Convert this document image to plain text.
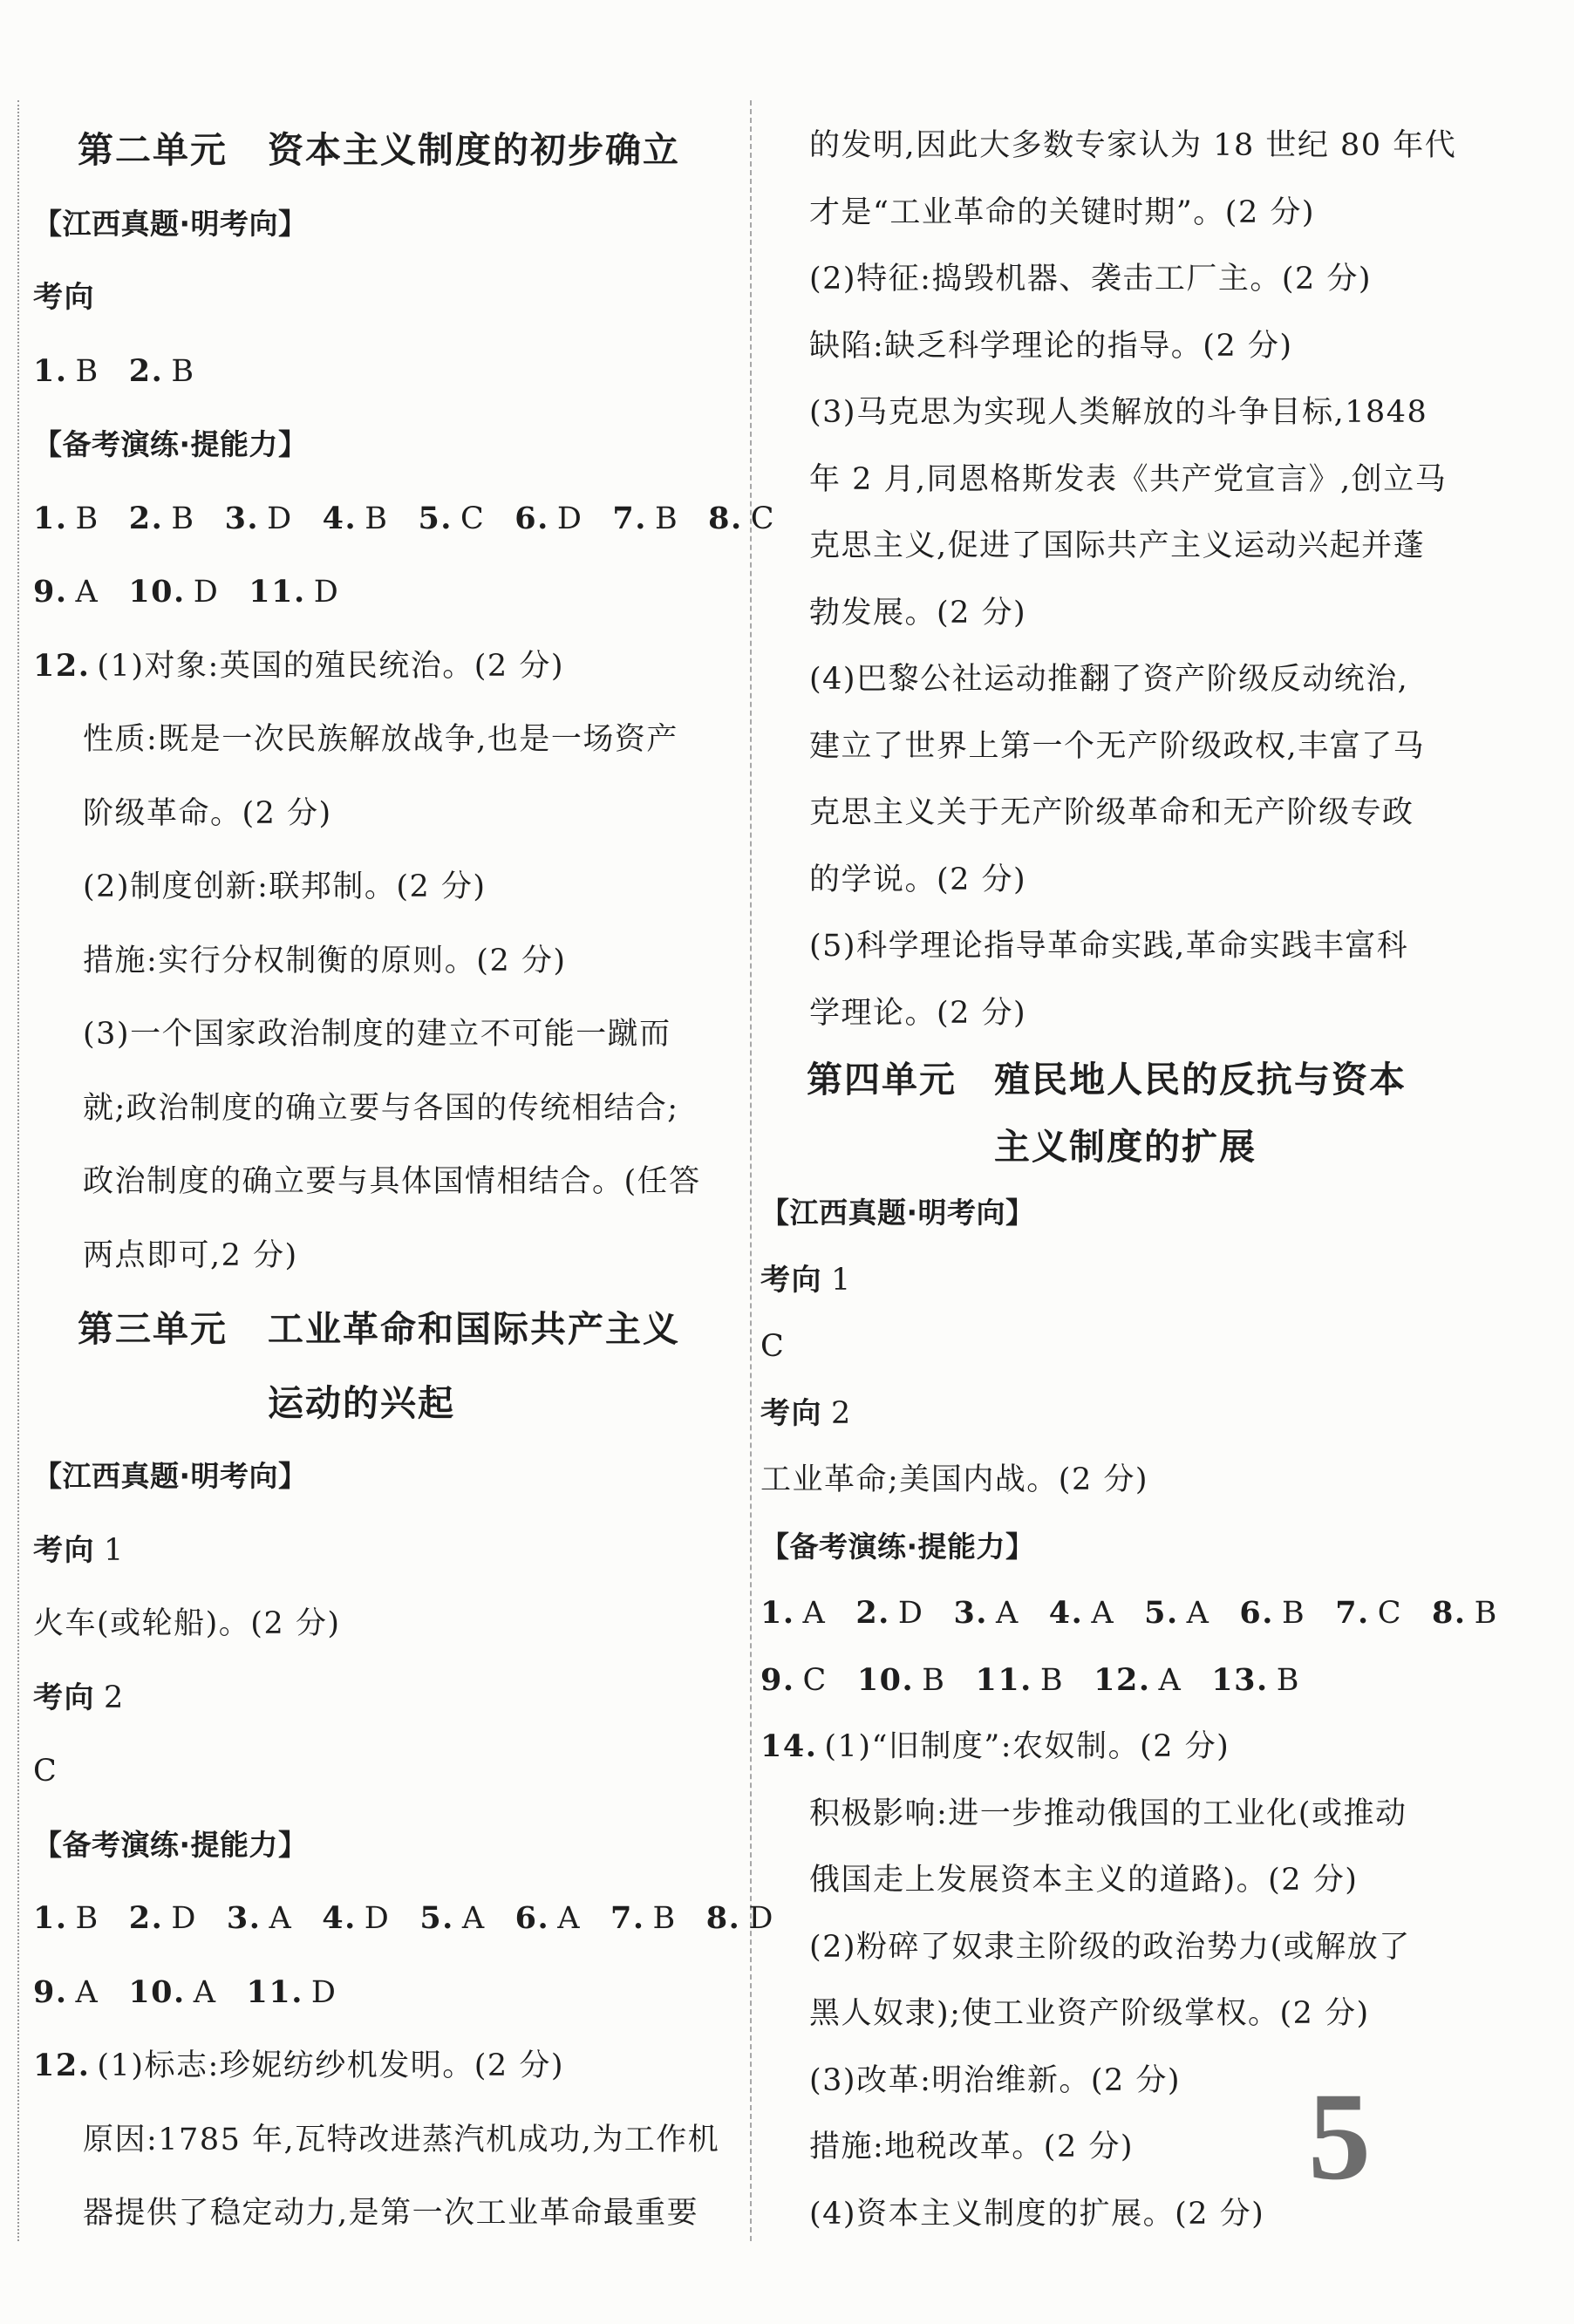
第二单元 资本主义制度的初步确立
【江西真题·明考向】
考向
1. B 2. B
【备考演练·提能力】
1. B 2. B 3. D 4. B 5. C 6. D 7. B 8. C
9. A 10. D 11. D
12. (1)对象:英国的殖民统治。(2 分)
性质:既是一次民族解放战争,也是一场资产
阶级革命。(2 分)
(2)制度创新:联邦制。(2 分)
措施:实行分权制衡的原则。(2 分)
(3)一个国家政治制度的建立不可能一蹴而
就;政治制度的确立要与各国的传统相结合;
政治制度的确立要与具体国情相结合。(任答
两点即可,2 分)
第三单元 工业革命和国际共产主义
运动的兴起
【江西真题·明考向】
考向 1
火车(或轮船)。(2 分)
考向 2
C
【备考演练·提能力】
1. B 2. D 3. A 4. D 5. A 6. A 7. B 8. D
9. A 10. A 11. D
12. (1)标志:珍妮纺纱机发明。(2 分)
原因:1785 年,瓦特改进蒸汽机成功,为工作机
器提供了稳定动力,是第一次工业革命最重要
的发明,因此大多数专家认为 18 世纪 80 年代
才是“工业革命的关键时期”。(2 分)
(2)特征:捣毁机器、袭击工厂主。(2 分)
缺陷:缺乏科学理论的指导。(2 分)
(3)马克思为实现人类解放的斗争目标,1848
年 2 月,同恩格斯发表《共产党宣言》,创立马
克思主义,促进了国际共产主义运动兴起并蓬
勃发展。(2 分)
(4)巴黎公社运动推翻了资产阶级反动统治,
建立了世界上第一个无产阶级政权,丰富了马
克思主义关于无产阶级革命和无产阶级专政
的学说。(2 分)
(5)科学理论指导革命实践,革命实践丰富科
学理论。(2 分)
第四单元 殖民地人民的反抗与资本
主义制度的扩展
【江西真题·明考向】
考向 1
C
考向 2
工业革命;美国内战。(2 分)
【备考演练·提能力】
1. A 2. D 3. A 4. A 5. A 6. B 7. C 8. B
9. C 10. B 11. B 12. A 13. B
14. (1)“旧制度”:农奴制。(2 分)
积极影响:进一步推动俄国的工业化(或推动
俄国走上发展资本主义的道路)。(2 分)
(2)粉碎了奴隶主阶级的政治势力(或解放了
黑人奴隶);使工业资产阶级掌权。(2 分)
(3)改革:明治维新。(2 分)
措施:地税改革。(2 分)
(4)资本主义制度的扩展。(2 分)
5
